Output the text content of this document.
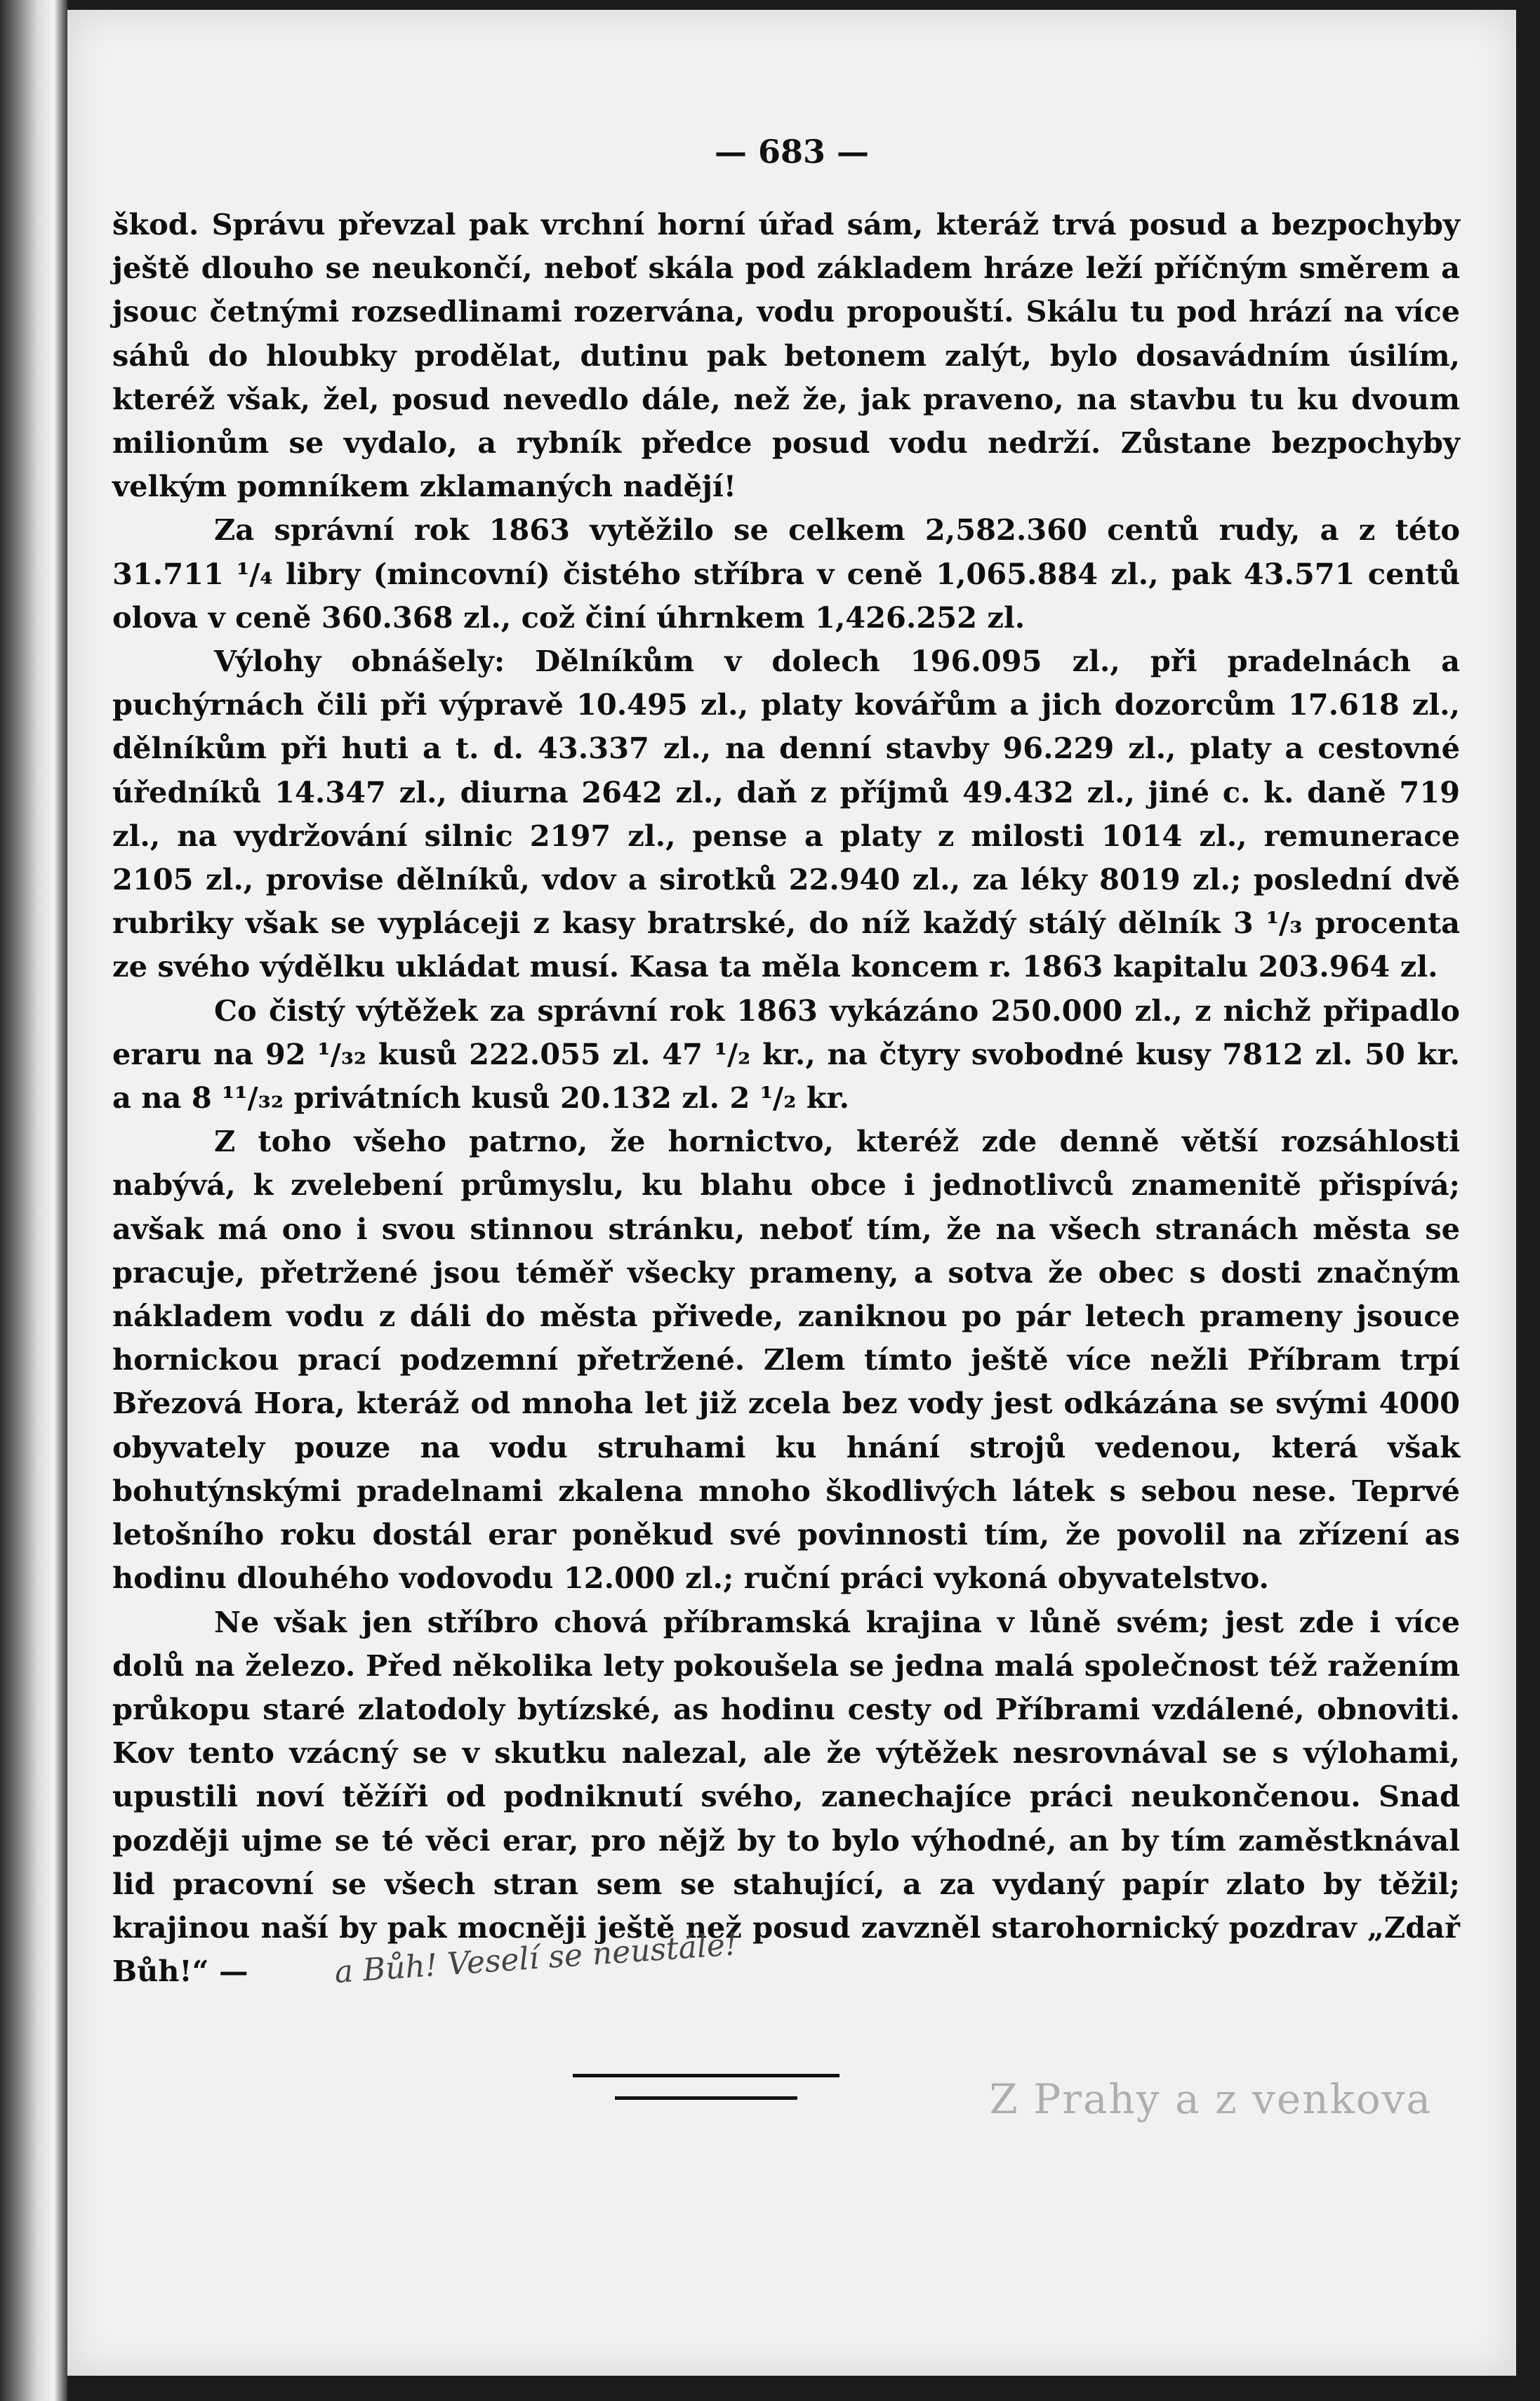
— 683 —

škod. Správu převzal pak vrchní horní úřad sám, kteráž trvá posud a bezpochyby ještě dlouho se neukončí, neboť skála pod základem hráze leží příčným směrem a jsouc četnými rozsedlinami rozervána, vodu propouští. Skálu tu pod hrází na více sáhů do hloubky prodělat, dutinu pak betonem zalýt, bylo dosavádním úsilím, kteréž však, žel, posud nevedlo dále, než že, jak praveno, na stavbu tu ku dvoum milionům se vydalo, a rybník předce posud vodu nedrží. Zůstane bezpochyby velkým pomníkem zklamaných nadějí!

Za správní rok 1863 vytěžilo se celkem 2,582.360 centů rudy, a z této 31.711 ¹/₄ libry (mincovní) čistého stříbra v ceně 1,065.884 zl., pak 43.571 centů olova v ceně 360.368 zl., což činí úhrnkem 1,426.252 zl.

Výlohy obnášely: Dělníkům v dolech 196.095 zl., při pradelnách a puchýrnách čili při výpravě 10.495 zl., platy kovářům a jich dozorcům 17.618 zl., dělníkům při huti a t. d. 43.337 zl., na denní stavby 96.229 zl., platy a cestovné úředníků 14.347 zl., diurna 2642 zl., daň z příjmů 49.432 zl., jiné c. k. daně 719 zl., na vydržování silnic 2197 zl., pense a platy z milosti 1014 zl., remunerace 2105 zl., provise dělníků, vdov a sirotků 22.940 zl., za léky 8019 zl.; poslední dvě rubriky však se vypláceji z kasy bratrské, do níž každý stálý dělník 3 ¹/₃ procenta ze svého výdělku ukládat musí. Kasa ta měla koncem r. 1863 kapitalu 203.964 zl.

Co čistý výtěžek za správní rok 1863 vykázáno 250.000 zl., z nichž připadlo eraru na 92 ¹/₃₂ kusů 222.055 zl. 47 ¹/₂ kr., na čtyry svobodné kusy 7812 zl. 50 kr. a na 8 ¹¹/₃₂ privátních kusů 20.132 zl. 2 ¹/₂ kr.

Z toho všeho patrno, že hornictvo, kteréž zde denně větší rozsáhlosti nabývá, k zvelebení průmyslu, ku blahu obce i jednotlivců znamenitě přispívá; avšak má ono i svou stinnou stránku, neboť tím, že na všech stranách města se pracuje, přetržené jsou téměř všecky prameny, a sotva že obec s dosti značným nákladem vodu z dáli do města přivede, zaniknou po pár letech prameny jsouce hornickou prací podzemní přetržené. Zlem tímto ještě více nežli Příbram trpí Březová Hora, kteráž od mnoha let již zcela bez vody jest odkázána se svými 4000 obyvately pouze na vodu struhami ku hnání strojů vedenou, která však bohutýnskými pradelnami zkalena mnoho škodlivých látek s sebou nese. Teprvé letošního roku dostál erar poněkud své povinnosti tím, že povolil na zřízení as hodinu dlouhého vodovodu 12.000 zl.; ruční práci vykoná obyvatelstvo.

Ne však jen stříbro chová příbramská krajina v lůně svém; jest zde i více dolů na železo. Před několika lety pokoušela se jedna malá společnost též ražením průkopu staré zlatodoly bytízské, as hodinu cesty od Příbrami vzdálené, obnoviti. Kov tento vzácný se v skutku nalezal, ale že výtěžek nesrovnával se s výlohami, upustili noví těžíři od podniknutí svého, zanechajíce práci neukončenou. Snad později ujme se té věci erar, pro nějž by to bylo výhodné, an by tím zaměstknával lid pracovní se všech stran sem se stahující, a za vydaný papír zlato by těžil; krajinou naší by pak mocněji ještě než posud zavzněl starohornický pozdrav „Zdař Bůh!“ —	a Bůh! Veselí se neustále!
Z Prahy a z venkova
